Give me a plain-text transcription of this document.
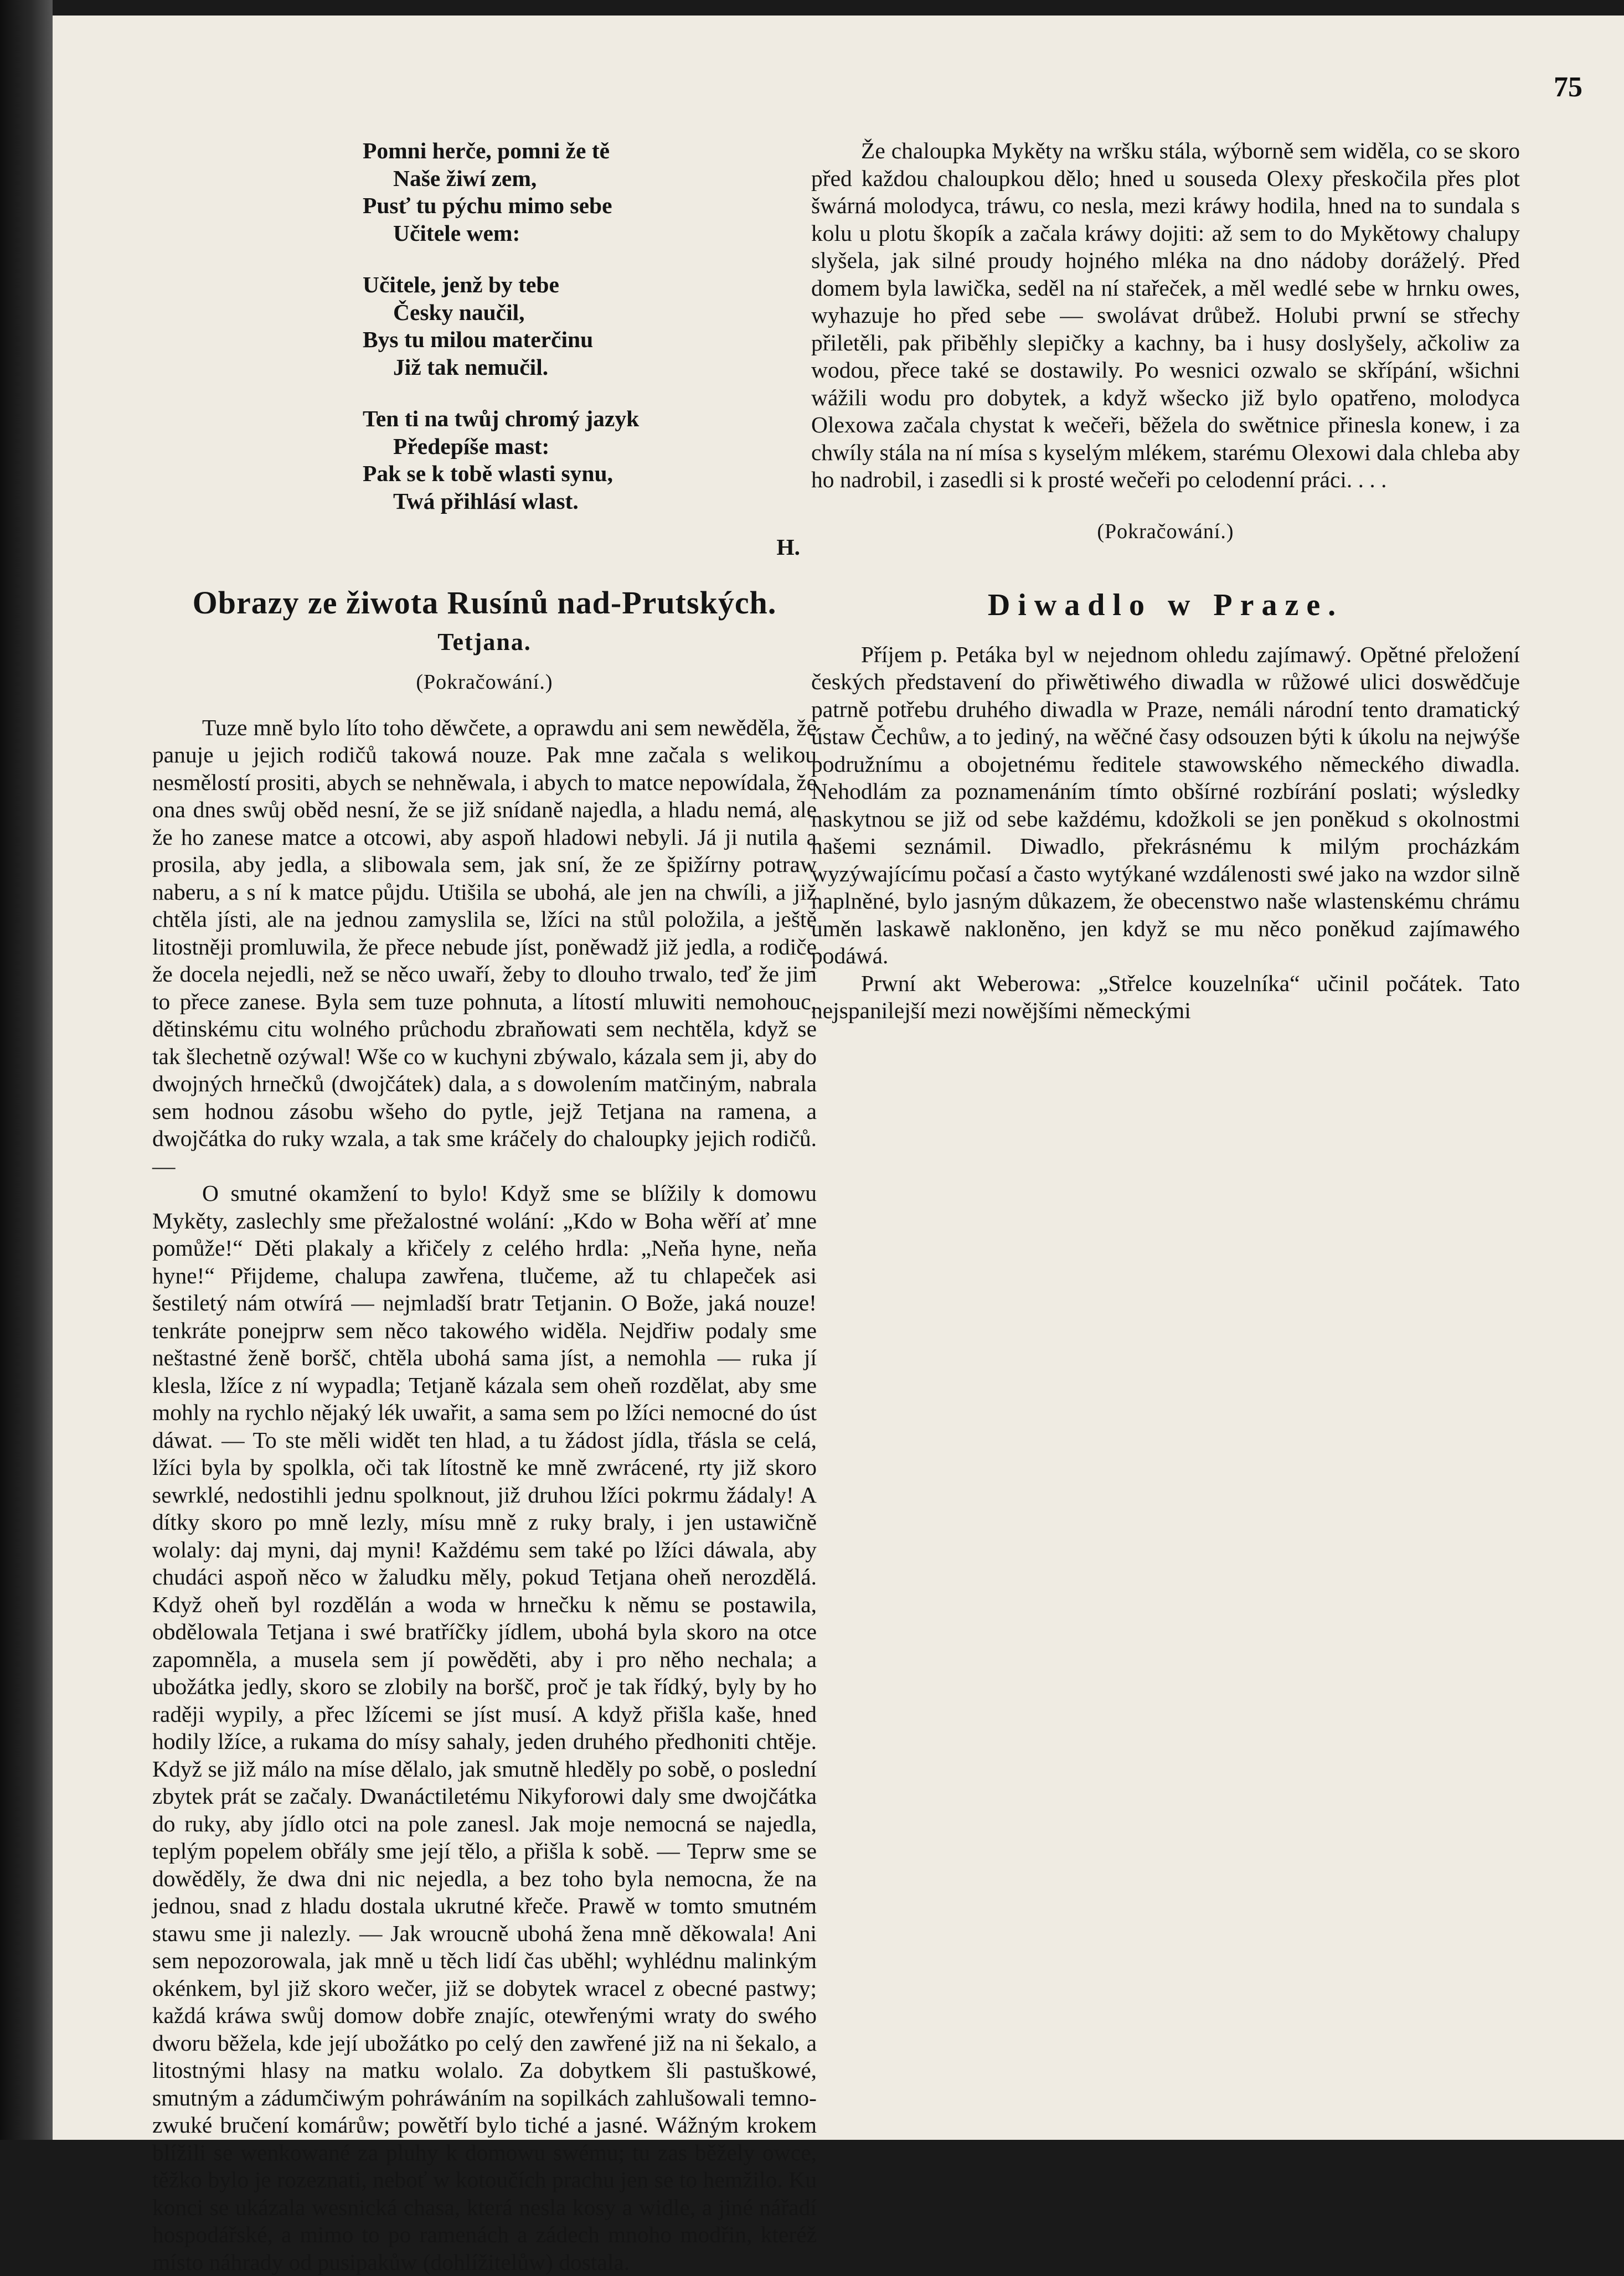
75
Pomni herče, pomni že tě
Naše žiwí zem,
Pusť tu pýchu mimo sebe
Učitele wem:
Učitele, jenž by tebe
Česky naučil,
Bys tu milou materčinu
Již tak nemučil.
Ten ti na twůj chromý jazyk
Předepíše mast:
Pak se k tobě wlasti synu,
Twá přihlásí wlast.
H.
Obrazy ze žiwota Rusínů nad-Prutských.
Tetjana.
(Pokračowání.)

Tuze mně bylo líto toho děwčete, a oprawdu ani sem newěděla, že panuje u jejich rodičů takowá nouze. Pak mne začala s welikou nesmělostí prositi, abych se nehněwala, i abych to matce nepowídala, že ona dnes swůj oběd nesní, že se již snídaně najedla, a hladu nemá, ale že ho zanese matce a otcowi, aby aspoň hladowi nebyli. Já ji nutila a prosila, aby jedla, a slibowala sem, jak sní, že ze špižírny potraw naberu, a s ní k matce půjdu. Utišila se ubohá, ale jen na chwíli, a již chtěla jísti, ale na jednou zamyslila se, lžíci na stůl položila, a ještě litostněji promluwila, že přece nebude jíst, poněwadž již jedla, a rodiče že docela nejedli, než se něco uwaří, žeby to dlouho trwalo, teď že jim to přece zanese. Byla sem tuze pohnuta, a lítostí mluwiti nemohouc, dětinskému citu wolného průchodu zbraňowati sem nechtěla, když se tak šlechetně ozýwal! Wše co w kuchyni zbýwalo, kázala sem ji, aby do dwojných hrnečků (dwojčátek) dala, a s dowolením matčiným, nabrala sem hodnou zásobu wšeho do pytle, jejž Tetjana na ramena, a dwojčátka do ruky wzala, a tak sme kráčely do chaloupky jejich rodičů. —

O smutné okamžení to bylo! Když sme se blížily k domowu Mykěty, zaslechly sme přežalostné wolání: „Kdo w Boha wěří ať mne pomůže!“ Děti plakaly a křičely z celého hrdla: „Neňa hyne, neňa hyne!“ Přijdeme, chalupa zawřena, tlučeme, až tu chlapeček asi šestiletý nám otwírá — nejmladší bratr Tetjanin. O Bože, jaká nouze! tenkráte ponejprw sem něco takowého widěla. Nejdřiw podaly sme neštastné ženě boršč, chtěla ubohá sama jíst, a nemohla — ruka jí klesla, lžíce z ní wypadla; Tetjaně kázala sem oheň rozdělat, aby sme mohly na rychlo nějaký lék uwařit, a sama sem po lžíci nemocné do úst dáwat. — To ste měli widět ten hlad, a tu žádost jídla, třásla se celá, lžíci byla by spolkla, oči tak lítostně ke mně zwrácené, rty již skoro sewrklé, nedostihli jednu spolknout, již druhou lžíci pokrmu žádaly! A dítky skoro po mně lezly, mísu mně z ruky braly, i jen ustawičně wolaly: daj myni, daj myni! Každému sem také po lžíci dáwala, aby chudáci aspoň něco w žaludku měly, pokud Tetjana oheň nerozdělá. Když oheň byl rozdělán a woda w hrnečku k němu se postawila, obdělowala Tetjana i swé bratříčky jídlem, ubohá byla skoro na otce zapomněla, a musela sem jí powěděti, aby i pro něho nechala; a ubožátka jedly, skoro se zlobily na boršč, proč je tak řídký, byly by ho raději wypily, a přec lžícemi se jíst musí. A když přišla kaše, hned hodily lžíce, a rukama do mísy sahaly, jeden druhého předhoniti chtěje. Když se již málo na míse dělalo, jak smutně hleděly po sobě, o poslední zbytek prát se začaly. Dwanáctiletému Nikyforowi daly sme dwojčátka do ruky, aby jídlo otci na pole zanesl. Jak moje nemocná se najedla, teplým popelem obřály sme její tělo, a přišla k sobě. — Teprw sme se dowěděly, že dwa dni nic nejedla, a bez toho byla nemocna, že na jednou, snad z hladu dostala ukrutné křeče. Prawě w tomto smutném stawu sme ji nalezly. — Jak wroucně ubohá žena mně děkowala! Ani sem nepozorowala, jak mně u těch lidí čas uběhl; wyhlédnu malinkým okénkem, byl již skoro wečer, již se dobytek wracel z obecné pastwy; každá kráwa swůj domow dobře znajíc, otewřenými wraty do swého dworu běžela, kde její ubožátko po celý den zawřené již na ni šekalo, a litostnými hlasy na matku wolalo. Za dobytkem šli pastuškowé, smutným a zádumčiwým pohráwáním na sopilkách zahlušowali temno-zwuké bručení komárůw; powětří bylo tiché a jasné. Wážným krokem blížili se wenkowané za pluhy k domowu swému; tu zas běžely owce, těžko bylo je rozeznati, neboť w kotoučích prachu jen se to hemžilo. Ku konci se ukázala wesnická chasa, která nesla kosy a widle, a jiné nářadí hospodářské, a mimo to po ramenách a zádech mnoho modřin, kteréž místo náhrady od pusipakůw (dohlížitelůw) dostala.

Že chaloupka Mykěty na wršku stála, wýborně sem widěla, co se skoro před každou chaloupkou dělo; hned u souseda Olexy přeskočila přes plot šwárná molodyca, tráwu, co nesla, mezi kráwy hodila, hned na to sundala s kolu u plotu škopík a začala kráwy dojiti: až sem to do Mykětowy chalupy slyšela, jak silné proudy hojného mléka na dno nádoby doráželý. Před domem byla lawička, seděl na ní stařeček, a měl wedlé sebe w hrnku owes, wyhazuje ho před sebe — swolávat drůbež. Holubi prwní se střechy přiletěli, pak přiběhly slepičky a kachny, ba i husy doslyšely, ačkoliw za wodou, přece také se dostawily. Po wesnici ozwalo se skřípání, wšichni wážili wodu pro dobytek, a když wšecko již bylo opatřeno, molodyca Olexowa začala chystat k wečeři, běžela do swětnice přinesla konew, i za chwíly stála na ní mísa s kyselým mlékem, starému Olexowi dala chleba aby ho nadrobil, i zasedli si k prosté wečeři po celodenní práci. . . .

(Pokračowání.)
Diwadlo w Praze.

Příjem p. Petáka byl w nejednom ohledu zajímawý. Opětné přeložení českých představení do přiwětiwého diwadla w růžowé ulici doswědčuje patrně potřebu druhého diwadla w Praze, nemáli národní tento dramatický ústaw Čechůw, a to jediný, na wěčné časy odsouzen býti k úkolu na nejwýše podružnímu a obojetnému ředitele stawowského německého diwadla. Nehodlám za poznamenáním tímto obšírné rozbírání poslati; wýsledky naskytnou se již od sebe každému, kdožkoli se jen poněkud s okolnostmi našemi seznámil. Diwadlo, překrásnému k milým procházkám wyzýwajícímu počasí a často wytýkané wzdálenosti swé jako na wzdor silně naplněné, bylo jasným důkazem, že obecenstwo naše wlastenskému chrámu uměn laskawě nakloněno, jen když se mu něco poněkud zajímawého podáwá.

Prwní akt Weberowa: „Střelce kouzelníka“ učinil počátek. Tato nejspanilejší mezi nowějšími německými
